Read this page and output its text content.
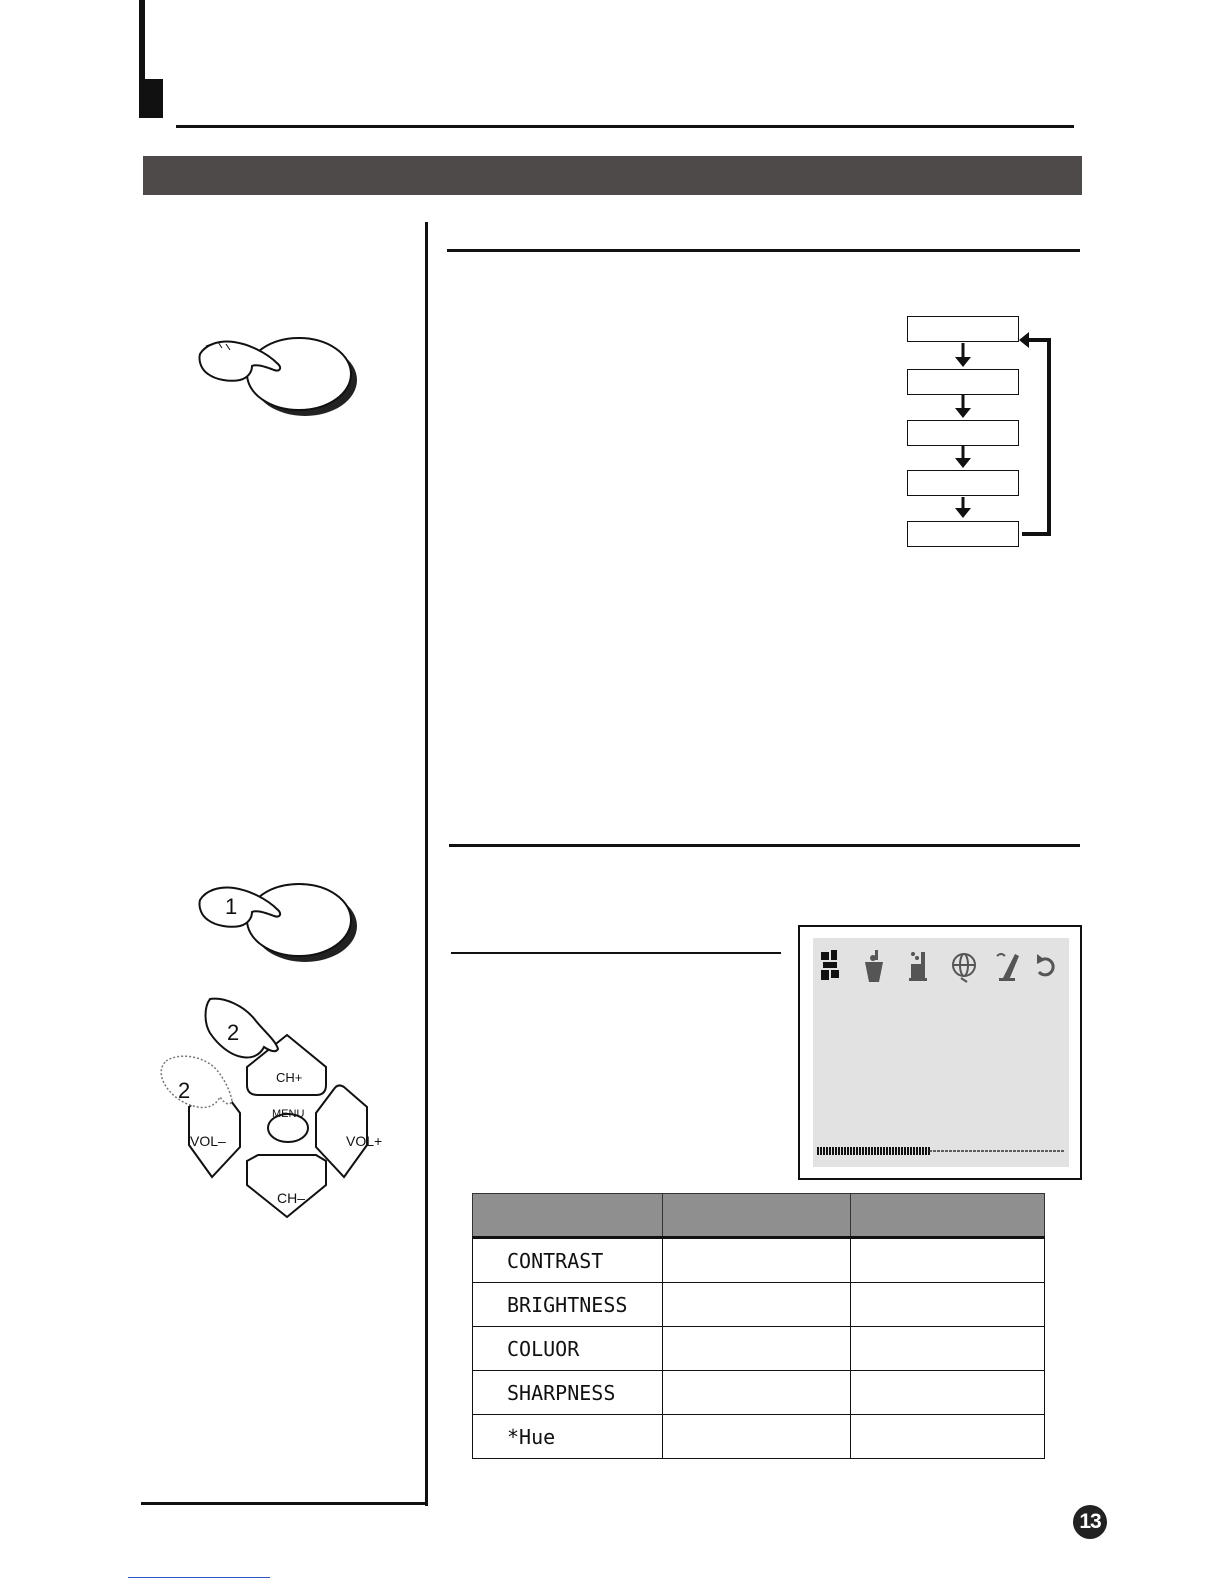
1
2
2
CH+
MENU
VOL–	VOL+
CH–

CONTRAST		
BRIGHTNESS		
COLUOR		
SHARPNESS		
*Hue		
13
